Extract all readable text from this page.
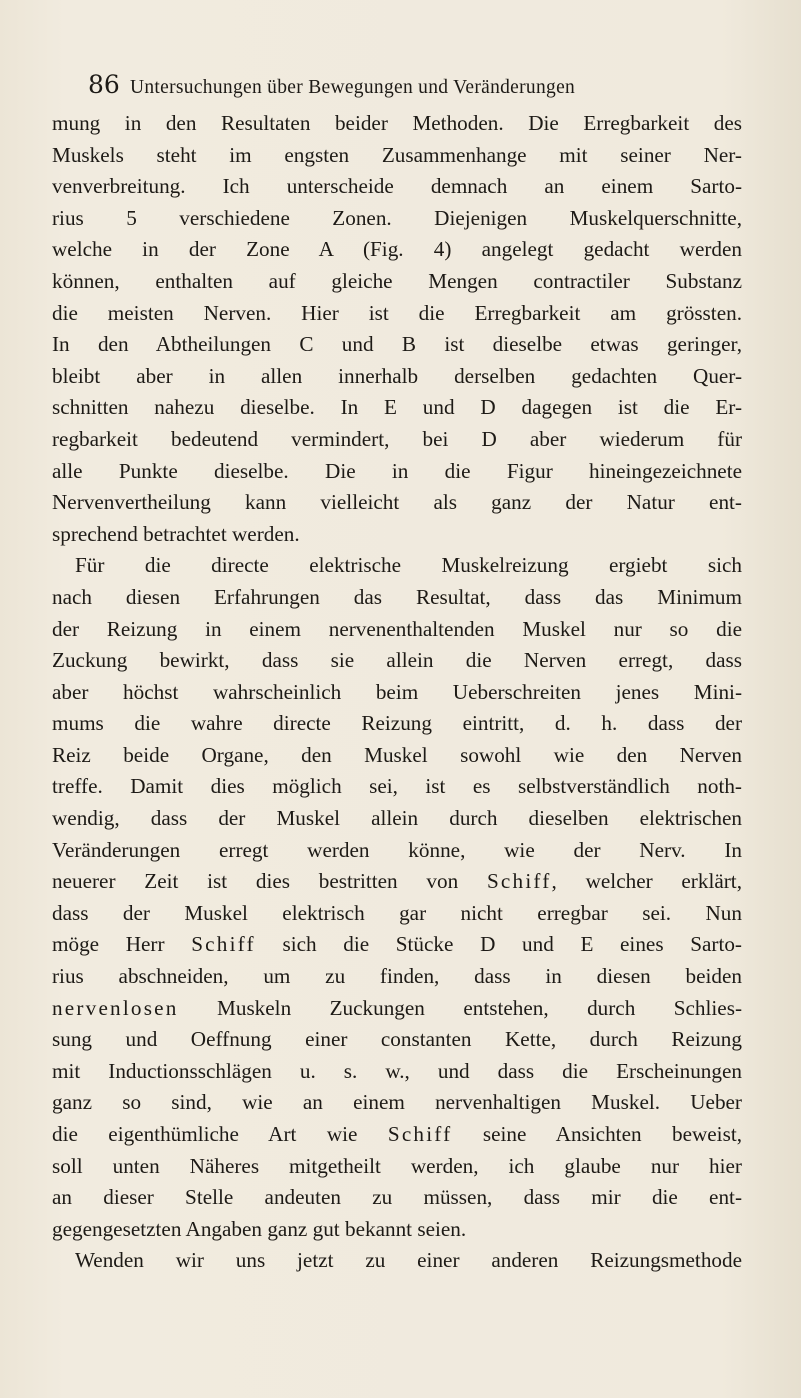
86 Untersuchungen über Bewegungen und Veränderungen
mung in den Resultaten beider Methoden. Die Erregbarkeit des
Muskels steht im engsten Zusammenhange mit seiner Ner-
venverbreitung. Ich unterscheide demnach an einem Sarto-
rius 5 verschiedene Zonen. Diejenigen Muskelquerschnitte,
welche in der Zone A (Fig. 4) angelegt gedacht werden
können, enthalten auf gleiche Mengen contractiler Substanz
die meisten Nerven. Hier ist die Erregbarkeit am grössten.
In den Abtheilungen C und B ist dieselbe etwas geringer,
bleibt aber in allen innerhalb derselben gedachten Quer-
schnitten nahezu dieselbe. In E und D dagegen ist die Er-
regbarkeit bedeutend vermindert, bei D aber wiederum für
alle Punkte dieselbe. Die in die Figur hineingezeichnete
Nervenvertheilung kann vielleicht als ganz der Natur ent-
sprechend betrachtet werden.
Für die directe elektrische Muskelreizung ergiebt sich
nach diesen Erfahrungen das Resultat, dass das Minimum
der Reizung in einem nervenenthaltenden Muskel nur so die
Zuckung bewirkt, dass sie allein die Nerven erregt, dass
aber höchst wahrscheinlich beim Ueberschreiten jenes Mini-
mums die wahre directe Reizung eintritt, d. h. dass der
Reiz beide Organe, den Muskel sowohl wie den Nerven
treffe. Damit dies möglich sei, ist es selbstverständlich noth-
wendig, dass der Muskel allein durch dieselben elektrischen
Veränderungen erregt werden könne, wie der Nerv. In
neuerer Zeit ist dies bestritten von Schiff, welcher erklärt,
dass der Muskel elektrisch gar nicht erregbar sei. Nun
möge Herr Schiff sich die Stücke D und E eines Sarto-
rius abschneiden, um zu finden, dass in diesen beiden
nervenlosen Muskeln Zuckungen entstehen, durch Schlies-
sung und Oeffnung einer constanten Kette, durch Reizung
mit Inductionsschlägen u. s. w., und dass die Erscheinungen
ganz so sind, wie an einem nervenhaltigen Muskel. Ueber
die eigenthümliche Art wie Schiff seine Ansichten beweist,
soll unten Näheres mitgetheilt werden, ich glaube nur hier
an dieser Stelle andeuten zu müssen, dass mir die ent-
gegengesetzten Angaben ganz gut bekannt seien.
Wenden wir uns jetzt zu einer anderen Reizungsmethode
